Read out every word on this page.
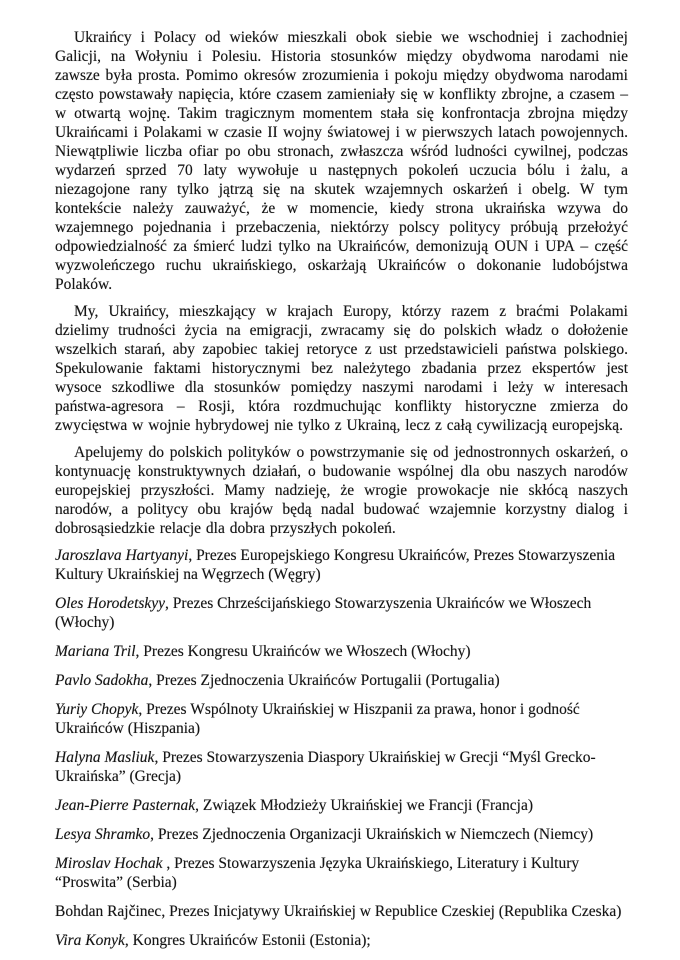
Ukraińcy i Polacy od wieków mieszkali obok siebie we wschodniej i zachodniej Galicji, na Wołyniu i Polesiu. Historia stosunków między obydwoma narodami nie zawsze była prosta. Pomimo okresów zrozumienia i pokoju między obydwoma narodami często powstawały napięcia, które czasem zamieniały się w konflikty zbrojne, a czasem – w otwartą wojnę. Takim tragicznym momentem stała się konfrontacja zbrojna między Ukraińcami i Polakami w czasie II wojny światowej i w pierwszych latach powojennych. Niewątpliwie liczba ofiar po obu stronach, zwłaszcza wśród ludności cywilnej, podczas wydarzeń sprzed 70 laty wywołuje u następnych pokoleń uczucia bólu i żalu, a niezagojone rany tylko jątrzą się na skutek wzajemnych oskarżeń i obelg. W tym kontekście należy zauważyć, że w momencie, kiedy strona ukraińska wzywa do wzajemnego pojednania i przebaczenia, niektórzy polscy politycy próbują przełożyć odpowiedzialność za śmierć ludzi tylko na Ukraińców, demonizują OUN i UPA – część wyzwoleńczego ruchu ukraińskiego, oskarżają Ukraińców o dokonanie ludobójstwa Polaków.

My, Ukraińcy, mieszkający w krajach Europy, którzy razem z braćmi Polakami dzielimy trudności życia na emigracji, zwracamy się do polskich władz o dołożenie wszelkich starań, aby zapobiec takiej retoryce z ust przedstawicieli państwa polskiego. Spekulowanie faktami historycznymi bez należytego zbadania przez ekspertów jest wysoce szkodliwe dla stosunków pomiędzy naszymi narodami i leży w interesach państwa-agresora – Rosji, która rozdmuchując konflikty historyczne zmierza do zwycięstwa w wojnie hybrydowej nie tylko z Ukrainą, lecz z całą cywilizacją europejską.

Apelujemy do polskich polityków o powstrzymanie się od jednostronnych oskarżeń, o kontynuację konstruktywnych działań, o budowanie wspólnej dla obu naszych narodów europejskiej przyszłości. Mamy nadzieję, że wrogie prowokacje nie skłócą naszych narodów, a politycy obu krajów będą nadal budować wzajemnie korzystny dialog i dobrosąsiedzkie relacje dla dobra przyszłych pokoleń.

Jaroszlava Hartyanyi, Prezes Europejskiego Kongresu Ukraińców, Prezes Stowarzyszenia Kultury Ukraińskiej na Węgrzech (Węgry)

Oles Horodetskyy, Prezes Chrześcijańskiego Stowarzyszenia Ukraińców we Włoszech (Włochy)

Mariana Tril, Prezes Kongresu Ukraińców we Włoszech (Włochy)

Pavlo Sadokha, Prezes Zjednoczenia Ukraińców Portugalii (Portugalia)

Yuriy Chopyk, Prezes Wspólnoty Ukraińskiej w Hiszpanii za prawa, honor i godność Ukraińców (Hiszpania)

Halyna Masliuk, Prezes Stowarzyszenia Diaspory Ukraińskiej w Grecji “Myśl Grecko-Ukraińska” (Grecja)

Jean-Pierre Pasternak, Związek Młodzieży Ukraińskiej we Francji (Francja)

Lesya Shramko, Prezes Zjednoczenia Organizacji Ukraińskich w Niemczech (Niemcy)

Miroslav Hochak , Prezes Stowarzyszenia Języka Ukraińskiego, Literatury i Kultury “Proswita” (Serbia)

Bohdan Rajčinec, Prezes Inicjatywy Ukraińskiej w Republice Czeskiej (Republika Czeska)

Vira Konyk, Kongres Ukraińców Estonii (Estonia);
